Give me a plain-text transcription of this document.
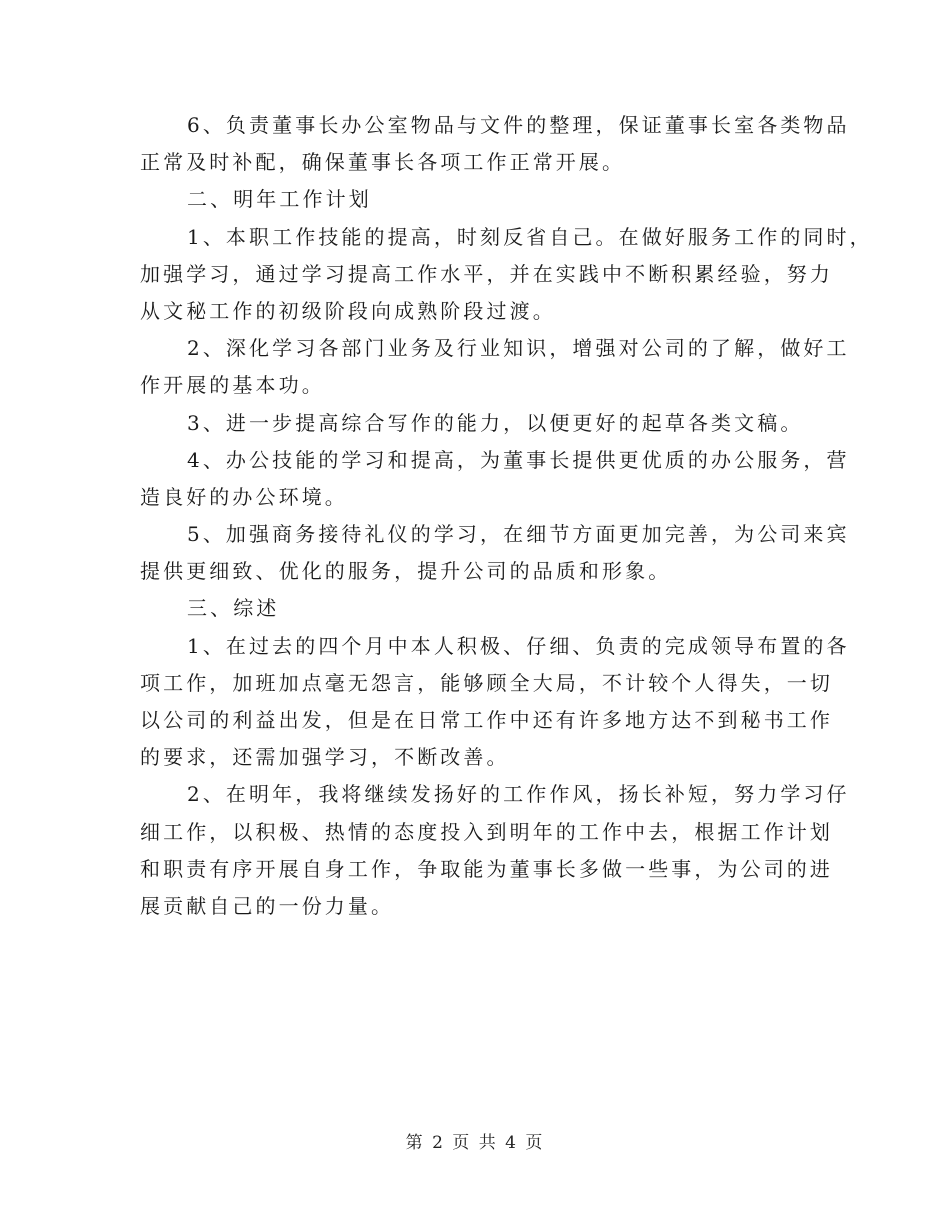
6、负责董事长办公室物品与文件的整理，保证董事长室各类物品
正常及时补配，确保董事长各项工作正常开展。
二、明年工作计划
1、本职工作技能的提高，时刻反省自己。在做好服务工作的同时，
加强学习，通过学习提高工作水平，并在实践中不断积累经验，努力
从文秘工作的初级阶段向成熟阶段过渡。
2、深化学习各部门业务及行业知识，增强对公司的了解，做好工
作开展的基本功。
3、进一步提高综合写作的能力，以便更好的起草各类文稿。
4、办公技能的学习和提高，为董事长提供更优质的办公服务，营
造良好的办公环境。
5、加强商务接待礼仪的学习，在细节方面更加完善，为公司来宾
提供更细致、优化的服务，提升公司的品质和形象。
三、综述
1、在过去的四个月中本人积极、仔细、负责的完成领导布置的各
项工作，加班加点毫无怨言，能够顾全大局，不计较个人得失，一切
以公司的利益出发，但是在日常工作中还有许多地方达不到秘书工作
的要求，还需加强学习，不断改善。
2、在明年，我将继续发扬好的工作作风，扬长补短，努力学习仔
细工作，以积极、热情的态度投入到明年的工作中去，根据工作计划
和职责有序开展自身工作，争取能为董事长多做一些事，为公司的进
展贡献自己的一份力量。
第 2 页 共 4 页
